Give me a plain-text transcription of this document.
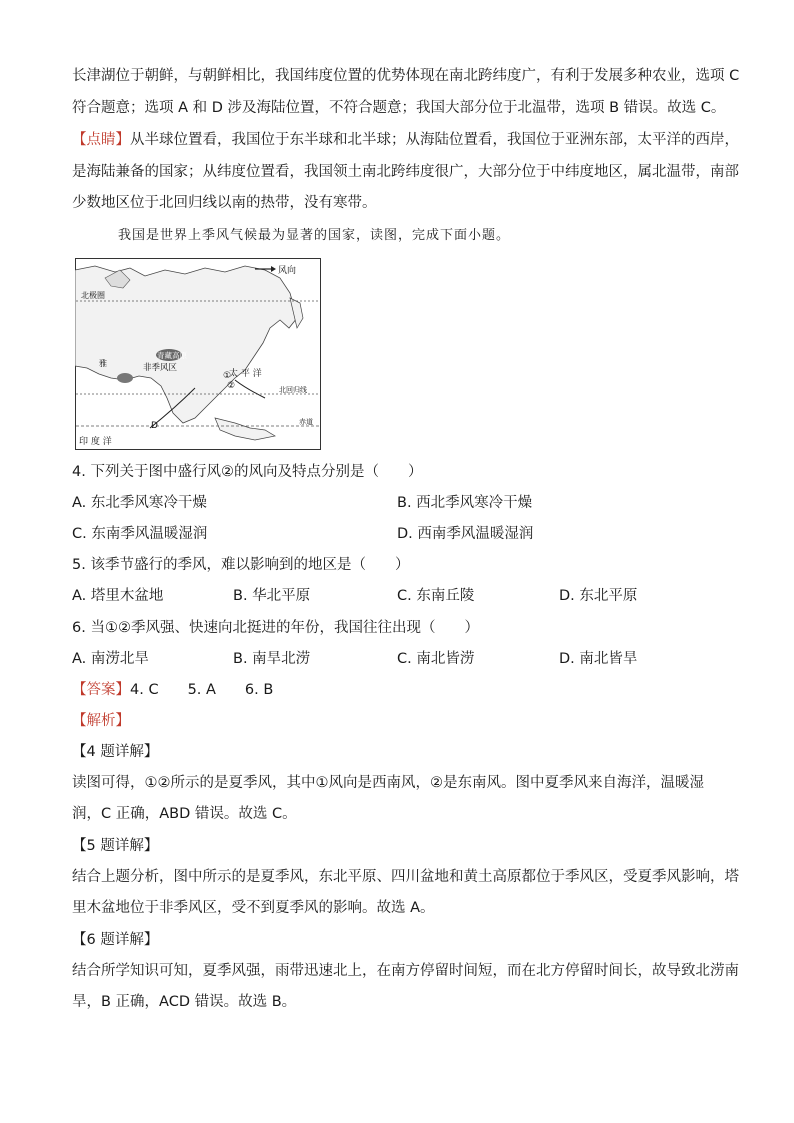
长津湖位于朝鲜，与朝鲜相比，我国纬度位置的优势体现在南北跨纬度广，有利于发展多种农业，选项 C
符合题意；选项 A 和 D 涉及海陆位置，不符合题意；我国大部分位于北温带，选项 B 错误。故选 C。
【点睛】从半球位置看，我国位于东半球和北半球；从海陆位置看，我国位于亚洲东部，太平洋的西岸，
是海陆兼备的国家；从纬度位置看，我国领土南北跨纬度很广，大部分位于中纬度地区，属北温带，南部
少数地区位于北回归线以南的热带，没有寒带。
我国是世界上季风气候最为显著的国家，读图，完成下面小题。
风向
北极圈
雅	非季风区
青藏高原
太 平 洋
北回归线
赤道
印 度 洋
①
②
D
4. 下列关于图中盛行风②的风向及特点分别是（　　）
A. 东北季风寒冷干燥	B. 西北季风寒冷干燥
C. 东南季风温暖湿润	D. 西南季风温暖湿润
5. 该季节盛行的季风，难以影响到的地区是（　　）
A. 塔里木盆地	B. 华北平原	C. 东南丘陵	D. 东北平原
6. 当①②季风强、快速向北挺进的年份，我国往往出现（　　）
A. 南涝北旱	B. 南旱北涝	C. 南北皆涝	D. 南北皆旱
【答案】4. C　　5. A　　6. B
【解析】
【4 题详解】
读图可得，①②所示的是夏季风，其中①风向是西南风，②是东南风。图中夏季风来自海洋，温暖湿
润，C 正确，ABD 错误。故选 C。
【5 题详解】
结合上题分析，图中所示的是夏季风，东北平原、四川盆地和黄土高原都位于季风区，受夏季风影响，塔
里木盆地位于非季风区，受不到夏季风的影响。故选 A。
【6 题详解】
结合所学知识可知，夏季风强，雨带迅速北上，在南方停留时间短，而在北方停留时间长，故导致北涝南
旱，B 正确，ACD 错误。故选 B。
